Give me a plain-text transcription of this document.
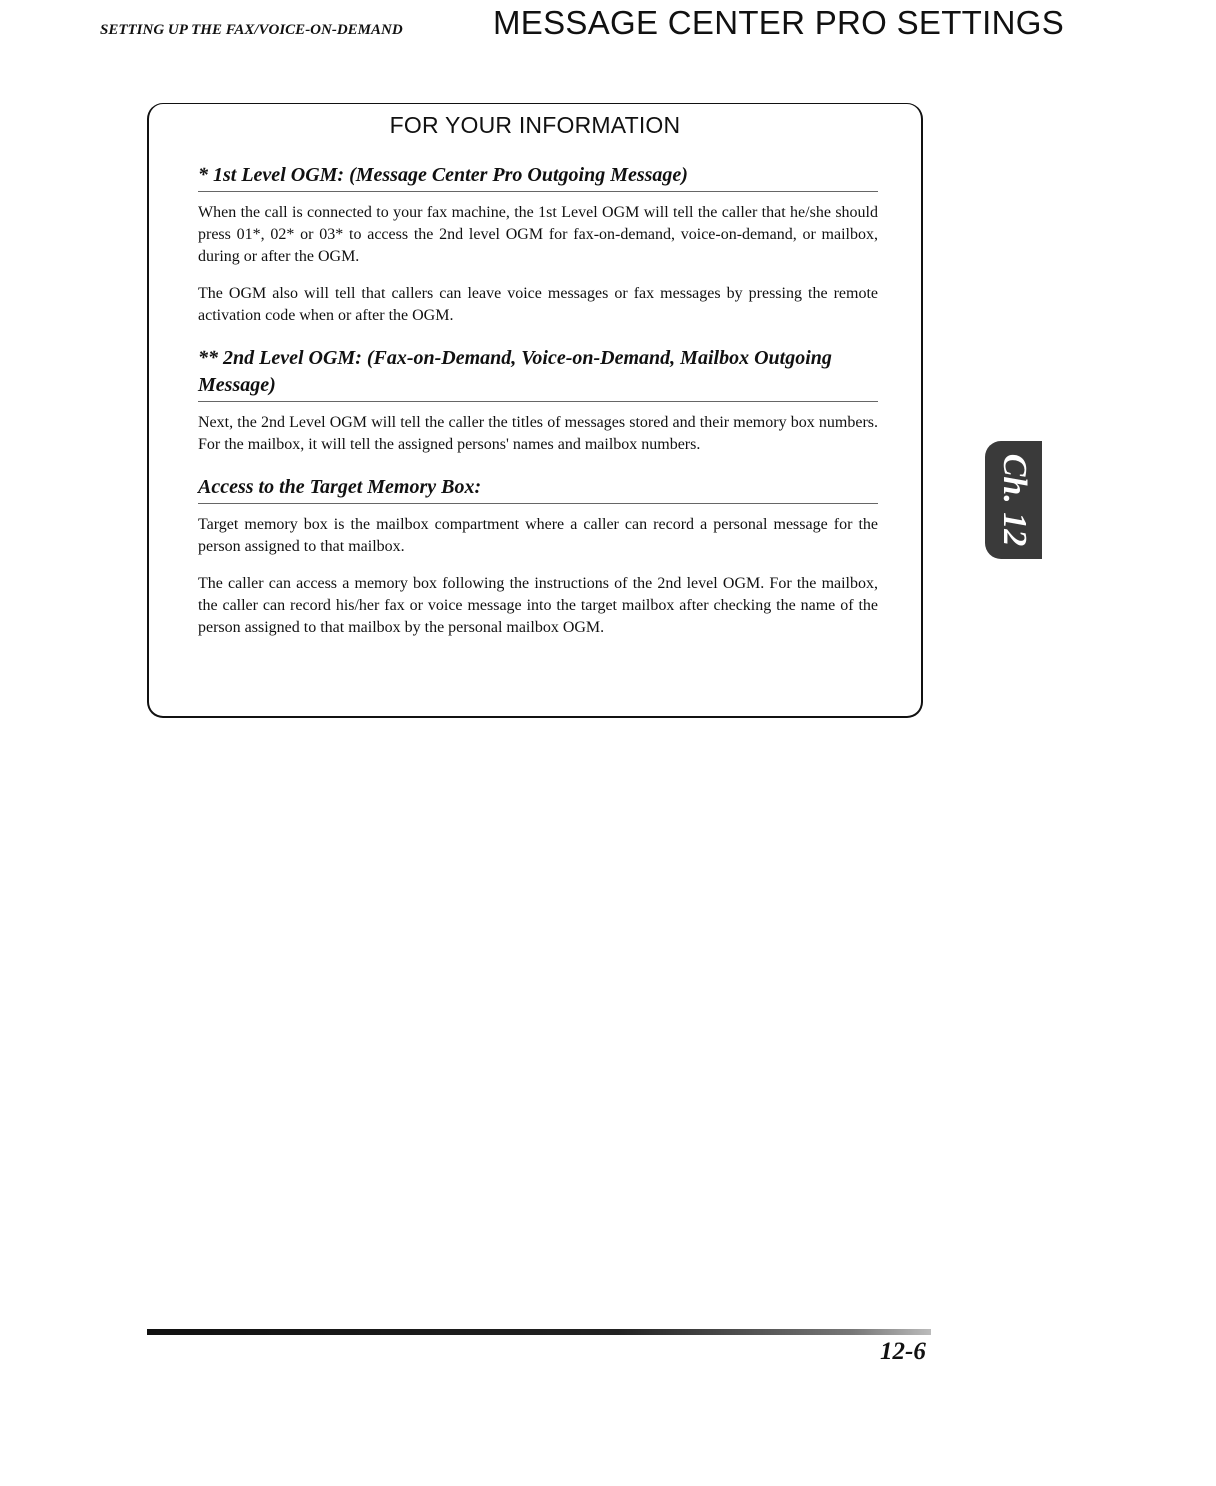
SETTING UP THE FAX/VOICE-ON-DEMAND	MESSAGE CENTER PRO SETTINGS
FOR YOUR INFORMATION
* 1st Level OGM: (Message Center Pro Outgoing Message)

When the call is connected to your fax machine, the 1st Level OGM will tell the caller that he/she should press 01*, 02* or 03* to access the 2nd level OGM for fax-on-demand, voice-on-demand, or mailbox, during or after the OGM.

The OGM also will tell that callers can leave voice messages or fax messages by pressing the remote activation code when or after the OGM.

** 2nd Level OGM: (Fax-on-Demand, Voice-on-Demand, Mailbox Outgoing Message)

Next, the 2nd Level OGM will tell the caller the titles of messages stored and their memory box numbers. For the mailbox, it will tell the assigned persons' names and mailbox numbers.

Access to the Target Memory Box:

Target memory box is the mailbox compartment where a caller can record a personal message for the person assigned to that mailbox.

The caller can access a memory box following the instructions of the 2nd level OGM. For the mailbox, the caller can record his/her fax or voice message into the target mailbox after checking the name of the person assigned to that mailbox by the personal mailbox OGM.

Ch. 12
12-6
